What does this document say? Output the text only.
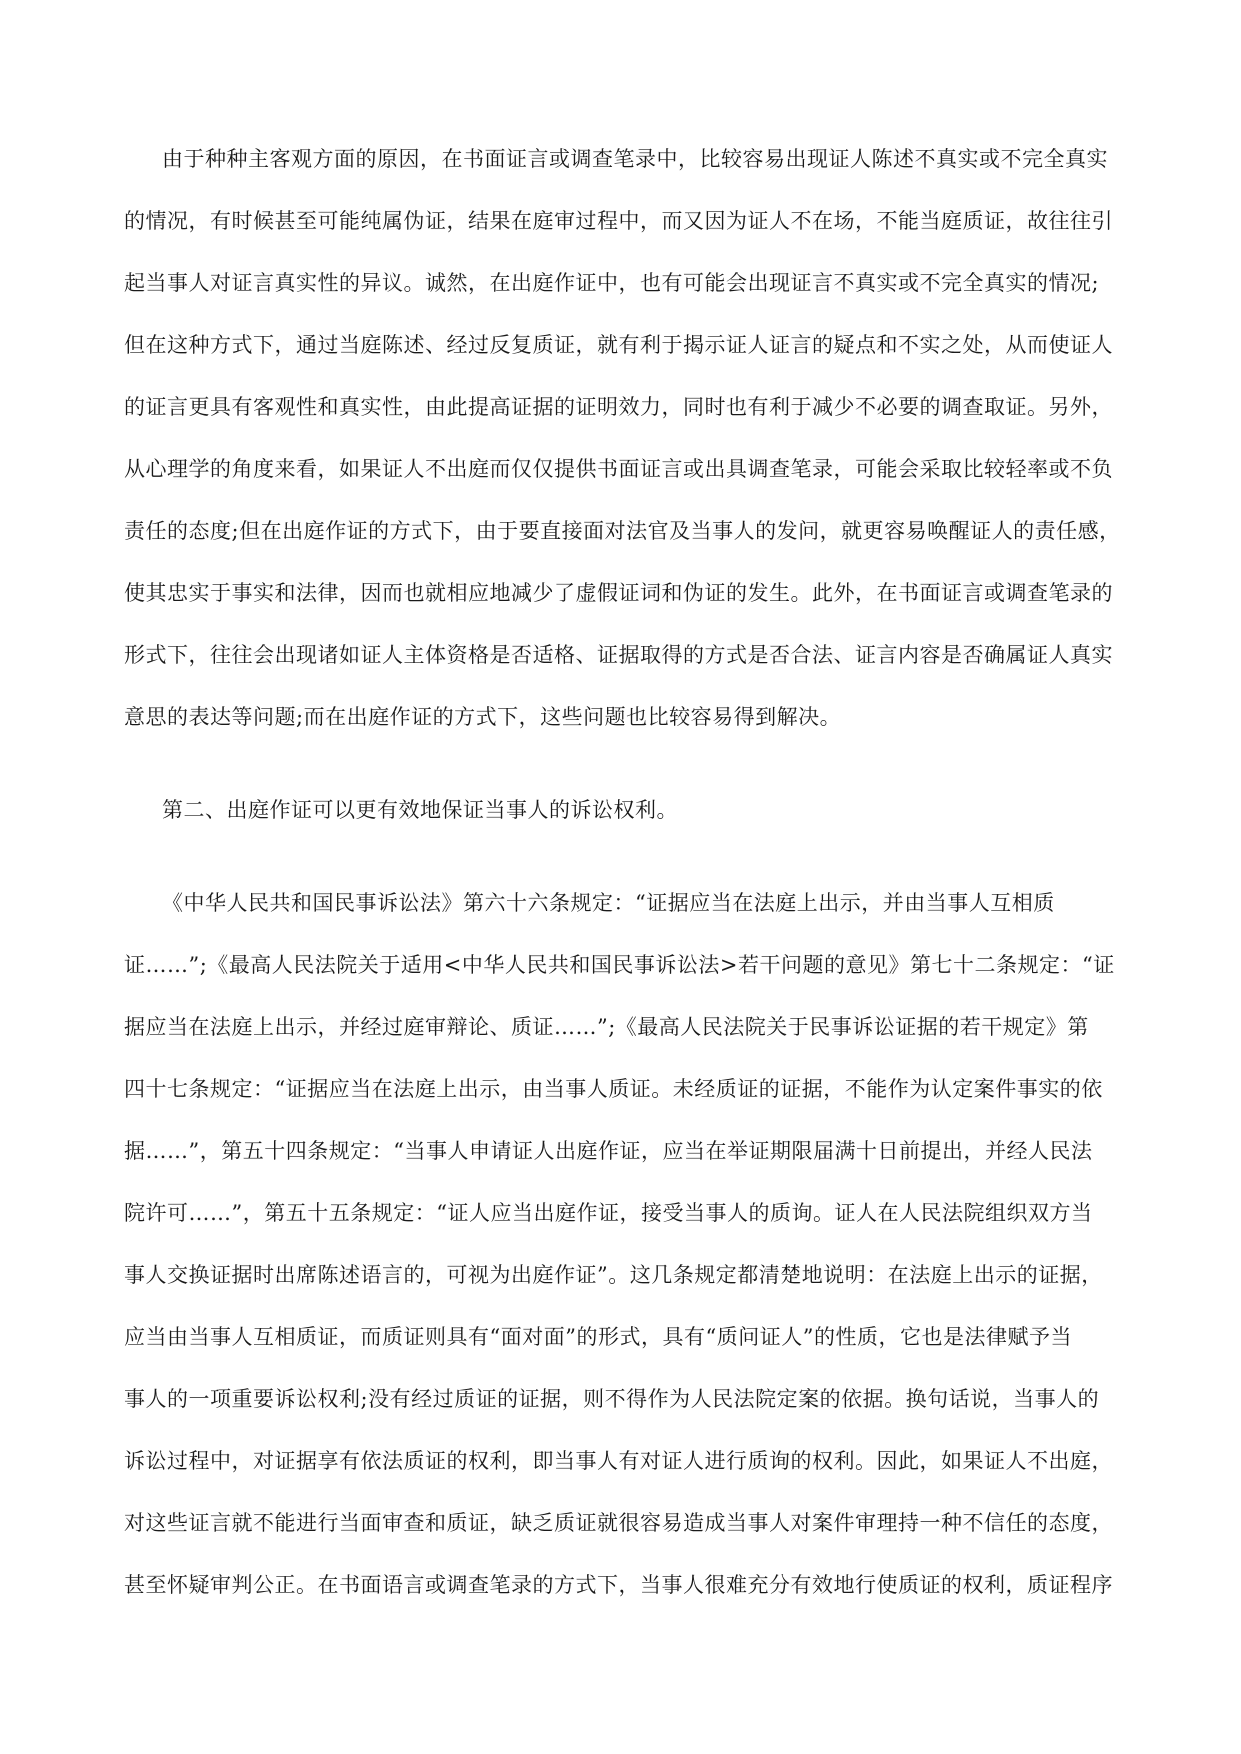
由于种种主客观方面的原因，在书面证言或调查笔录中，比较容易出现证人陈述不真实或不完全真实

的情况，有时候甚至可能纯属伪证，结果在庭审过程中，而又因为证人不在场，不能当庭质证，故往往引

起当事人对证言真实性的异议。诚然，在出庭作证中，也有可能会出现证言不真实或不完全真实的情况;

但在这种方式下，通过当庭陈述、经过反复质证，就有利于揭示证人证言的疑点和不实之处，从而使证人

的证言更具有客观性和真实性，由此提高证据的证明效力，同时也有利于减少不必要的调查取证。另外，

从心理学的角度来看，如果证人不出庭而仅仅提供书面证言或出具调查笔录，可能会采取比较轻率或不负

责任的态度;但在出庭作证的方式下，由于要直接面对法官及当事人的发问，就更容易唤醒证人的责任感，

使其忠实于事实和法律，因而也就相应地减少了虚假证词和伪证的发生。此外，在书面证言或调查笔录的

形式下，往往会出现诸如证人主体资格是否适格、证据取得的方式是否合法、证言内容是否确属证人真实

意思的表达等问题;而在出庭作证的方式下，这些问题也比较容易得到解决。

第二、出庭作证可以更有效地保证当事人的诉讼权利。

《中华人民共和国民事诉讼法》第六十六条规定：“证据应当在法庭上出示，并由当事人互相质

证……”;《最高人民法院关于适用<中华人民共和国民事诉讼法>若干问题的意见》第七十二条规定：“证

据应当在法庭上出示，并经过庭审辩论、质证……”;《最高人民法院关于民事诉讼证据的若干规定》第

四十七条规定：“证据应当在法庭上出示，由当事人质证。未经质证的证据，不能作为认定案件事实的依

据……”，第五十四条规定：“当事人申请证人出庭作证，应当在举证期限届满十日前提出，并经人民法

院许可……”，第五十五条规定：“证人应当出庭作证，接受当事人的质询。证人在人民法院组织双方当

事人交换证据时出席陈述语言的，可视为出庭作证”。这几条规定都清楚地说明：在法庭上出示的证据，

应当由当事人互相质证，而质证则具有“面对面”的形式，具有“质问证人”的性质，它也是法律赋予当

事人的一项重要诉讼权利;没有经过质证的证据，则不得作为人民法院定案的依据。换句话说，当事人的

诉讼过程中，对证据享有依法质证的权利，即当事人有对证人进行质询的权利。因此，如果证人不出庭，

对这些证言就不能进行当面审查和质证，缺乏质证就很容易造成当事人对案件审理持一种不信任的态度，

甚至怀疑审判公正。在书面语言或调查笔录的方式下，当事人很难充分有效地行使质证的权利，质证程序
